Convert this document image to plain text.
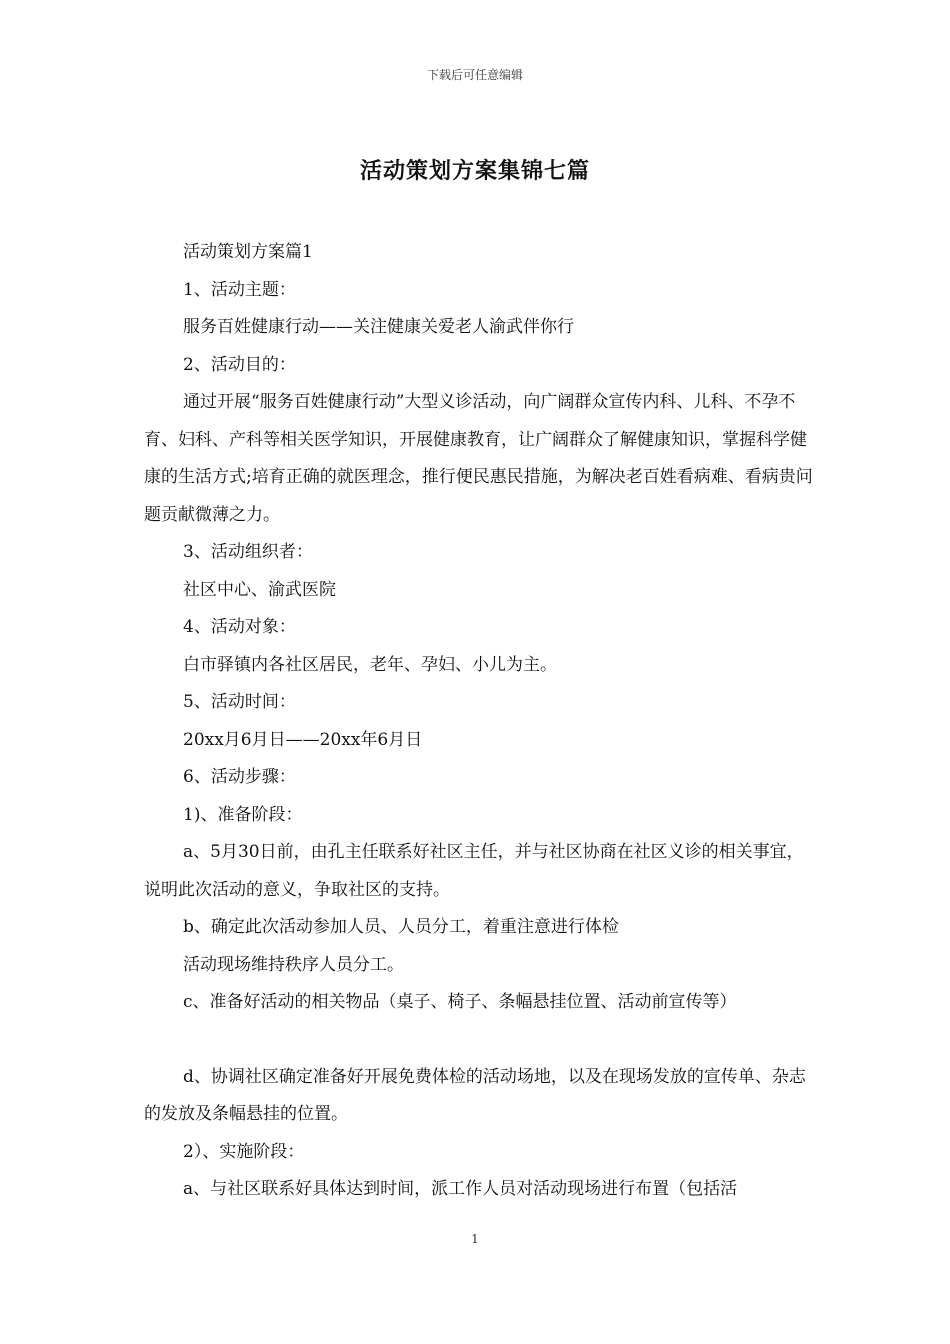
下载后可任意编辑
活动策划方案集锦七篇

活动策划方案篇1

1、活动主题：

服务百姓健康行动——关注健康关爱老人渝武伴你行

2、活动目的：

通过开展“服务百姓健康行动”大型义诊活动，向广阔群众宣传内科、儿科、不孕不育、妇科、产科等相关医学知识，开展健康教育，让广阔群众了解健康知识，掌握科学健康的生活方式;培育正确的就医理念，推行便民惠民措施，为解决老百姓看病难、看病贵问题贡献微薄之力。

3、活动组织者：

社区中心、渝武医院

4、活动对象：

白市驿镇内各社区居民，老年、孕妇、小儿为主。

5、活动时间：

20xx月6月日——20xx年6月日

6、活动步骤：

1)、准备阶段：

a、5月30日前，由孔主任联系好社区主任，并与社区协商在社区义诊的相关事宜，说明此次活动的意义，争取社区的支持。

b、确定此次活动参加人员、人员分工，着重注意进行体检

活动现场维持秩序人员分工。

c、准备好活动的相关物品（桌子、椅子、条幅悬挂位置、活动前宣传等）

d、协调社区确定准备好开展免费体检的活动场地，以及在现场发放的宣传单、杂志的发放及条幅悬挂的位置。

2）、实施阶段：

a、与社区联系好具体达到时间，派工作人员对活动现场进行布置（包括活

1
